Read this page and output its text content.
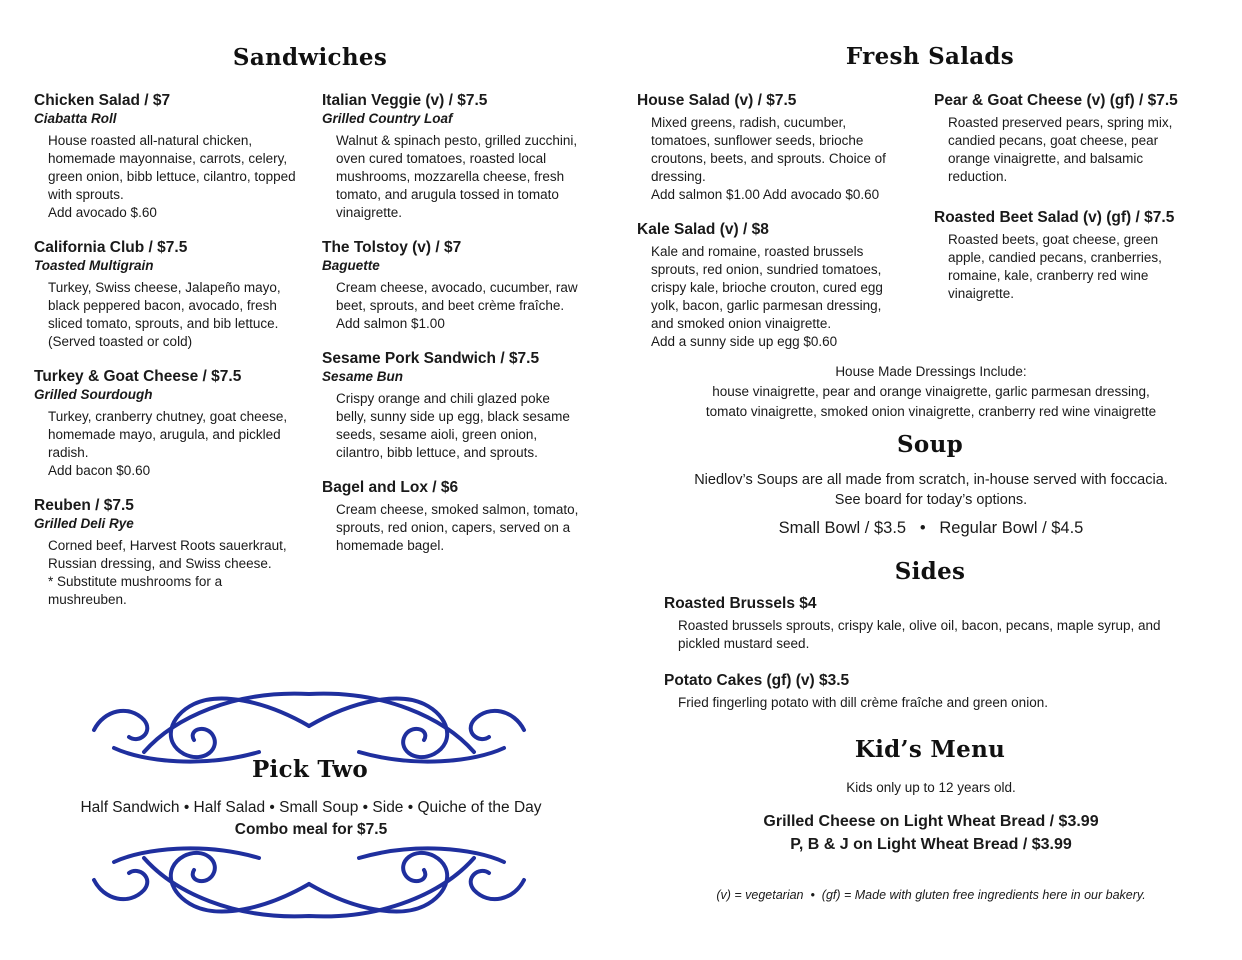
Sandwiches

Chicken Salad / $7

Ciabatta Roll

House roasted all-natural chicken, homemade mayonnaise, carrots, celery, green onion, bibb lettuce, cilantro, topped with sprouts.

Add avocado $.60

California Club / $7.5

Toasted Multigrain

Turkey, Swiss cheese, Jalapeño mayo, black peppered bacon, avocado, fresh sliced tomato, sprouts, and bib lettuce. (Served toasted or cold)

Turkey & Goat Cheese / $7.5

Grilled Sourdough

Turkey, cranberry chutney, goat cheese, homemade mayo, arugula, and pickled radish.

Add bacon $0.60

Reuben / $7.5

Grilled Deli Rye

Corned beef, Harvest Roots sauerkraut, Russian dressing, and Swiss cheese.

* Substitute mushrooms for a mushreuben.

Italian Veggie (v) / $7.5

Grilled Country Loaf

Walnut & spinach pesto, grilled zucchini, oven cured tomatoes, roasted local mushrooms, mozzarella cheese, fresh tomato, and arugula tossed in tomato vinaigrette.

The Tolstoy (v) / $7

Baguette

Cream cheese, avocado, cucumber, raw beet, sprouts, and beet crème fraîche.

Add salmon $1.00

Sesame Pork Sandwich / $7.5

Sesame Bun

Crispy orange and chili glazed poke belly, sunny side up egg, black sesame seeds, sesame aioli, green onion, cilantro, bibb lettuce, and sprouts.

Bagel and Lox / $6

Cream cheese, smoked salmon, tomato, sprouts, red onion, capers, served on a homemade bagel.

Pick Two

Half Sandwich • Half Salad • Small Soup • Side • Quiche of the Day

Combo meal for $7.5

Fresh Salads

House Salad (v) / $7.5

Mixed greens, radish, cucumber, tomatoes, sunflower seeds, brioche croutons, beets, and sprouts. Choice of dressing.

Add salmon $1.00 Add avocado $0.60

Kale Salad (v) / $8

Kale and romaine, roasted brussels sprouts, red onion, sundried tomatoes, crispy kale, brioche crouton, cured egg yolk, bacon, garlic parmesan dressing, and smoked onion vinaigrette.

Add a sunny side up egg $0.60

Pear & Goat Cheese (v) (gf) / $7.5

Roasted preserved pears, spring mix, candied pecans, goat cheese, pear orange vinaigrette, and balsamic reduction.

Roasted Beet Salad (v) (gf) / $7.5

Roasted beets, goat cheese, green apple, candied pecans, cranberries, romaine, kale, cranberry red wine vinaigrette.

House Made Dressings Include:

house vinaigrette, pear and orange vinaigrette, garlic parmesan dressing,

tomato vinaigrette, smoked onion vinaigrette, cranberry red wine vinaigrette

Soup

Niedlov’s Soups are all made from scratch, in-house served with foccacia.

See board for today’s options.

Small Bowl / $3.5   •   Regular Bowl / $4.5

Sides

Roasted Brussels $4

Roasted brussels sprouts, crispy kale, olive oil, bacon, pecans, maple syrup, and pickled mustard seed.

Potato Cakes (gf) (v) $3.5

Fried fingerling potato with dill crème fraîche and green onion.

Kid’s Menu

Kids only up to 12 years old.

Grilled Cheese on Light Wheat Bread / $3.99

P, B & J on Light Wheat Bread / $3.99

(v) = vegetarian  •  (gf) = Made with gluten free ingredients here in our bakery.
